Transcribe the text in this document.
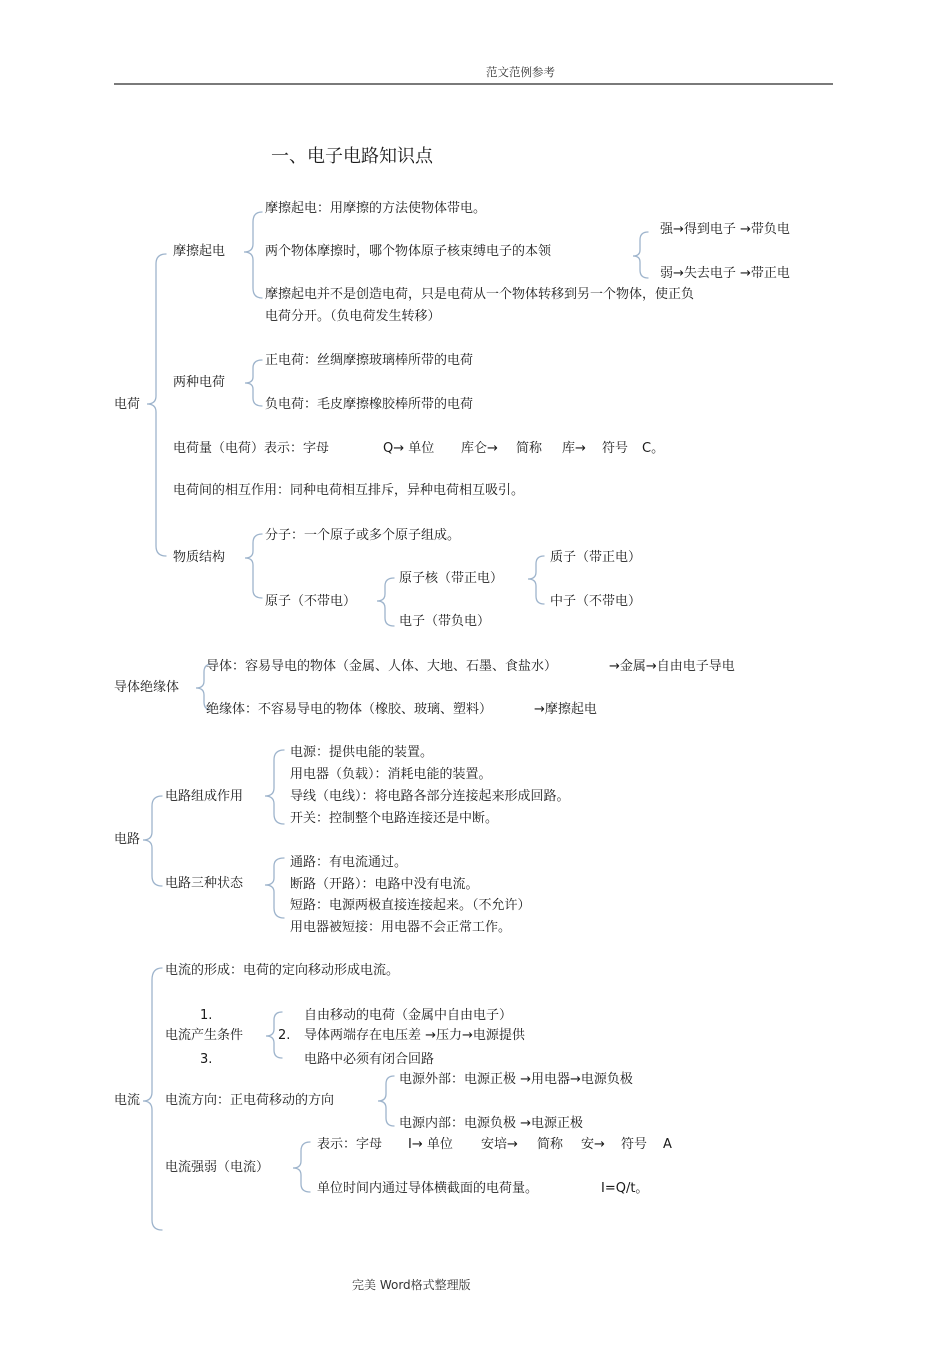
范文范例参考
一、电子电路知识点
电荷
摩擦起电
摩擦起电：用摩擦的方法使物体带电。
两个物体摩擦时，哪个物体原子核束缚电子的本领
强→得到电子 →带负电
弱→失去电子 →带正电
摩擦起电并不是创造电荷，只是电荷从一个物体转移到另一个物体，使正负
电荷分开。（负电荷发生转移）
两种电荷
正电荷：丝绸摩擦玻璃棒所带的电荷
负电荷：毛皮摩擦橡胶棒所带的电荷
电荷量（电荷）表示：字母	Q→ 单位 库仑→ 简称 库→ 符号 C。
电荷间的相互作用：同种电荷相互排斥，异种电荷相互吸引。
物质结构
分子：一个原子或多个原子组成。
原子（不带电）
原子核（带正电）
电子（带负电）
质子（带正电）
中子（不带电）
导体绝缘体
导体：容易导电的物体（金属、人体、大地、石墨、食盐水）	→金属→自由电子导电
绝缘体：不容易导电的物体（橡胶、玻璃、塑料）	→摩擦起电
电路
电路组成作用
电源：提供电能的装置。
用电器（负载）：消耗电能的装置。
导线（电线）：将电路各部分连接起来形成回路。
开关：控制整个电路连接还是中断。
电路三种状态
通路：有电流通过。
断路（开路）：电路中没有电流。
短路：电源两极直接连接起来。（不允许）
用电器被短接：用电器不会正常工作。
电流
电流的形成：电荷的定向移动形成电流。
电流产生条件
1.
2.
3.
自由移动的电荷（金属中自由电子）
导体两端存在电压差 →压力→电源提供
电路中必须有闭合回路
电流方向：正电荷移动的方向
电源外部：电源正极 →用电器→电源负极
电源内部：电源负极 →电源正极
电流强弱（电流）
表示：字母 I→ 单位 安培→ 简称 安→ 符号 A
单位时间内通过导体横截面的电荷量。	I=Q/t。
完美 Word格式整理版
